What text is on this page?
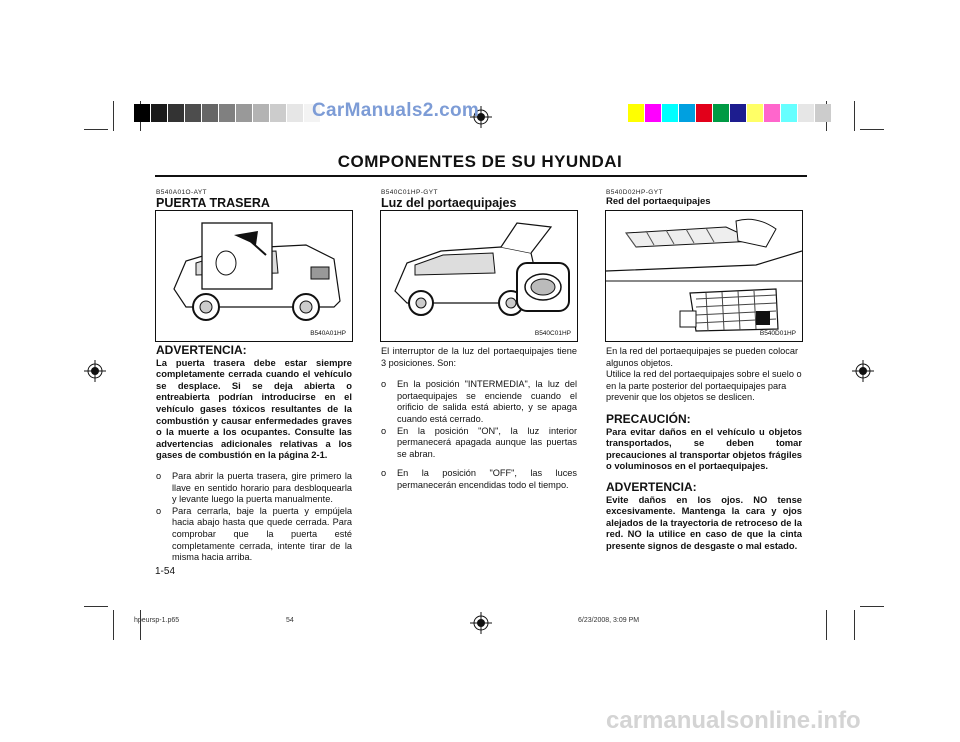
CarManuals2.com
COMPONENTES DE SU HYUNDAI
B540A01O-AYT
PUERTA TRASERA
B540A01HP

ADVERTENCIA:

La puerta trasera debe estar siempre completamente cerrada cuando el vehículo se desplace. Si se deja abierta o entreabierta podrían introducirse en el vehículo gases tóxicos resultantes de la combustión y causar enfermedades graves o la muerte a los ocupantes. Consulte las advertencias adicionales relativas a los gases de combustión en la página 2-1.

o Para abrir la puerta trasera, gire primero la llave en sentido horario para desbloquearla y levante luego la puerta manualmente.
o Para cerrarla, baje la puerta y empújela hacia abajo hasta que quede cerrada. Para comprobar que la puerta esté completamente cerrada, intente tirar de la misma hacia arriba.
1-54
B540C01HP-GYT
Luz del portaequipajes
B540C01HP

El interruptor de la luz del portaequipajes tiene 3 posiciones. Son:

o En la posición "INTERMEDIA", la luz del portaequipajes se enciende cuando el orificio de salida está abierto, y se apaga cuando está cerrado.
o En la posición "ON", la luz interior permanecerá apagada aunque las puertas se abran.
o En la posición "OFF", las luces permanecerán encendidas todo el tiempo.
B540D02HP-GYT
Red del portaequipajes
B540D01HP

En la red del portaequipajes se pueden colocar algunos objetos.
Utilice la red del portaequipajes sobre el suelo o en la parte posterior del portaequipajes para prevenir que los objetos se deslicen.

PRECAUCIÓN:

Para evitar daños en el vehículo u objetos transportados, se deben tomar precauciones al transportar objetos frágiles o voluminosos en el portaequipajes.

ADVERTENCIA:

Evite daños en los ojos. NO tense excesivamente. Mantenga la cara y ojos alejados de la trayectoria de retroceso de la red. NO la utilice en caso de que la cinta presente signos de desgaste o mal estado.

hpeursp-1.p65	54	6/23/2008, 3:09 PM
carmanualsonline.info
